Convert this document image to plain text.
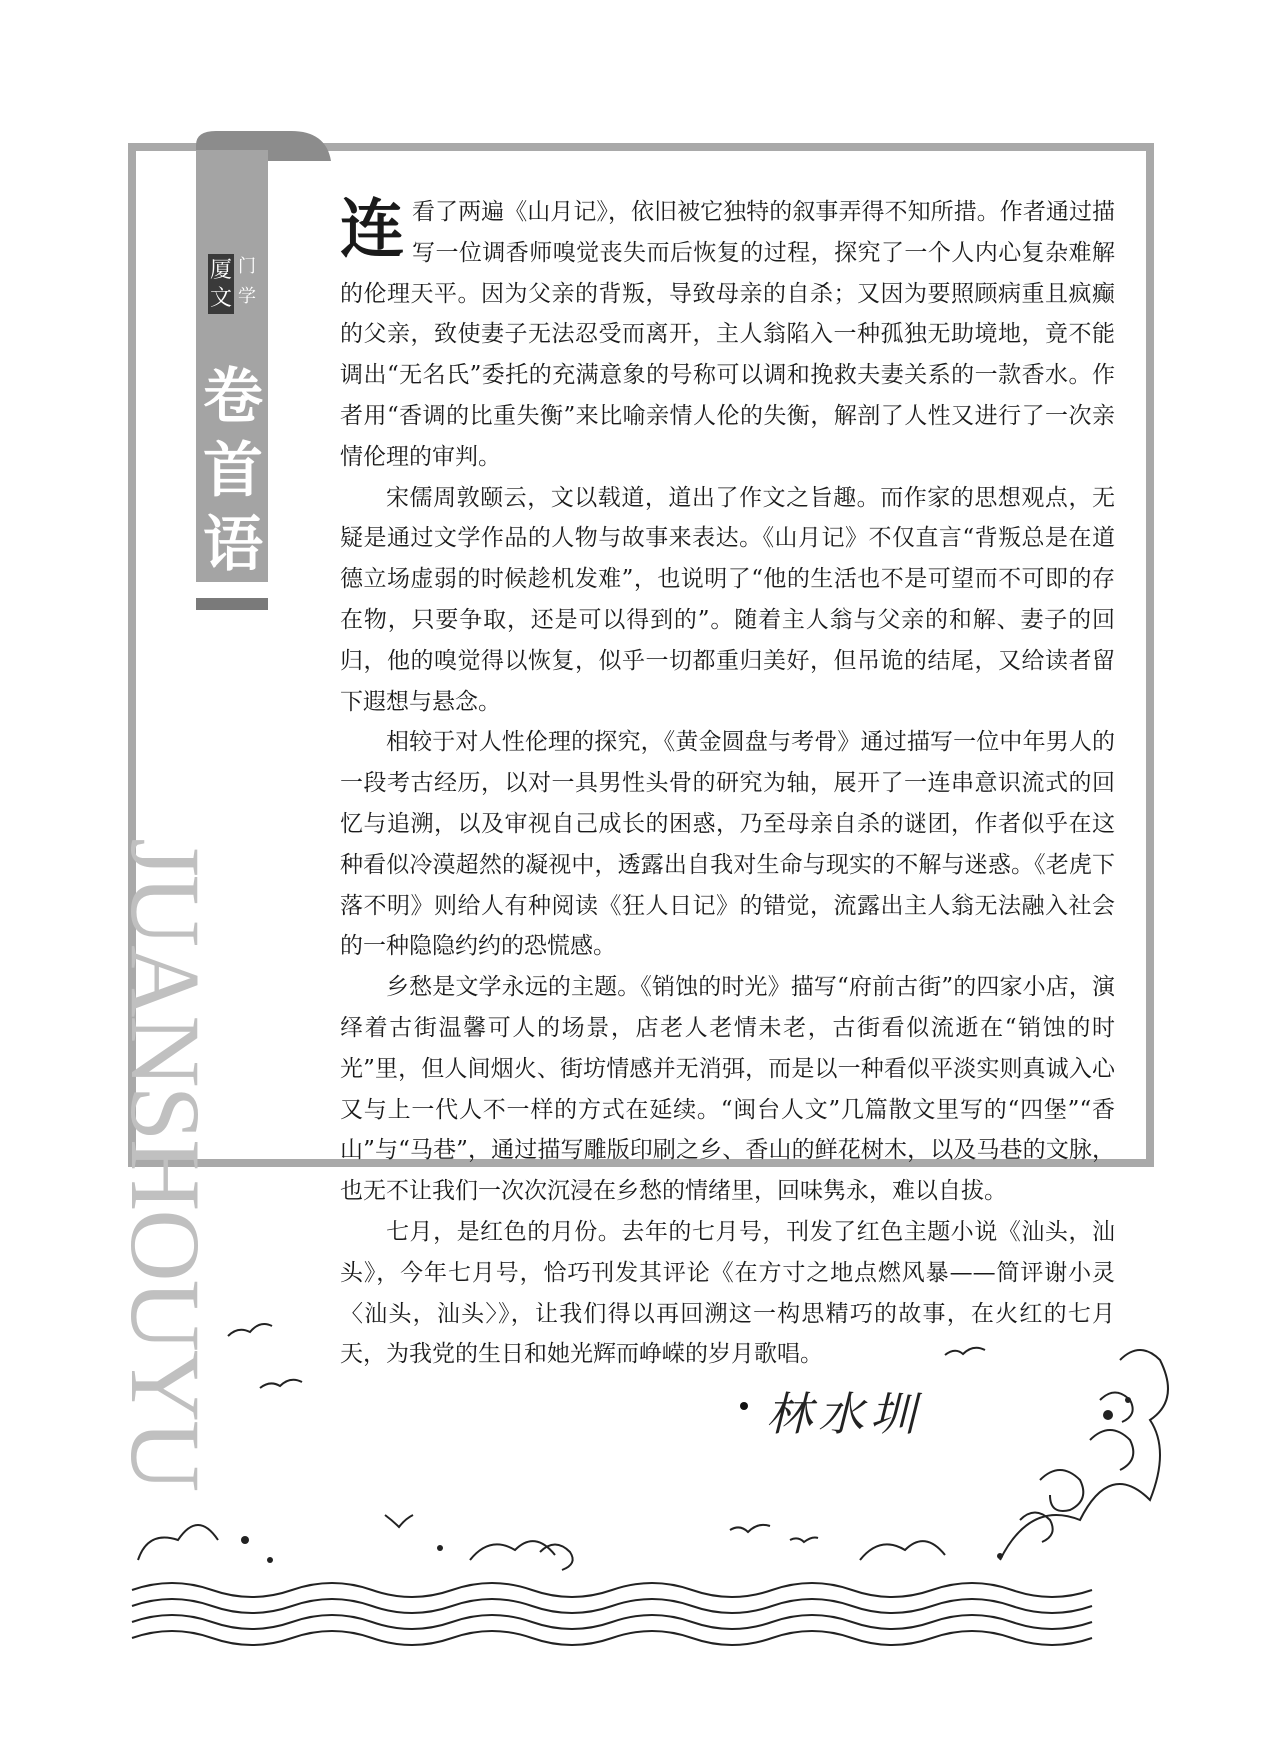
厦
文
门
学
卷
首
语
JUANSHOUYU

连看了两遍《山月记》，依旧被它独特的叙事弄得不知所措。作者通过描写一位调香师嗅觉丧失而后恢复的过程，探究了一个人内心复杂难解的伦理天平。因为父亲的背叛，导致母亲的自杀；又因为要照顾病重且疯癫的父亲，致使妻子无法忍受而离开，主人翁陷入一种孤独无助境地，竟不能调出“无名氏”委托的充满意象的号称可以调和挽救夫妻关系的一款香水。作者用“香调的比重失衡”来比喻亲情人伦的失衡，解剖了人性又进行了一次亲情伦理的审判。

宋儒周敦颐云，文以载道，道出了作文之旨趣。而作家的思想观点，无疑是通过文学作品的人物与故事来表达。《山月记》不仅直言“背叛总是在道德立场虚弱的时候趁机发难”，也说明了“他的生活也不是可望而不可即的存在物，只要争取，还是可以得到的”。随着主人翁与父亲的和解、妻子的回归，他的嗅觉得以恢复，似乎一切都重归美好，但吊诡的结尾，又给读者留下遐想与悬念。

相较于对人性伦理的探究，《黄金圆盘与考骨》通过描写一位中年男人的一段考古经历，以对一具男性头骨的研究为轴，展开了一连串意识流式的回忆与追溯，以及审视自己成长的困惑，乃至母亲自杀的谜团，作者似乎在这种看似冷漠超然的凝视中，透露出自我对生命与现实的不解与迷惑。《老虎下落不明》则给人有种阅读《狂人日记》的错觉，流露出主人翁无法融入社会的一种隐隐约约的恐慌感。

乡愁是文学永远的主题。《销蚀的时光》描写“府前古街”的四家小店，演绎着古街温馨可人的场景，店老人老情未老，古街看似流逝在“销蚀的时光”里，但人间烟火、街坊情感并无消弭，而是以一种看似平淡实则真诚入心又与上一代人不一样的方式在延续。“闽台人文”几篇散文里写的“四堡”“香山”与“马巷”，通过描写雕版印刷之乡、香山的鲜花树木，以及马巷的文脉，也无不让我们一次次沉浸在乡愁的情绪里，回味隽永，难以自拔。

七月，是红色的月份。去年的七月号，刊发了红色主题小说《汕头，汕头》，今年七月号，恰巧刊发其评论《在方寸之地点燃风暴——简评谢小灵〈汕头，汕头〉》，让我们得以再回溯这一构思精巧的故事，在火红的七月天，为我党的生日和她光辉而峥嵘的岁月歌唱。

林水圳
